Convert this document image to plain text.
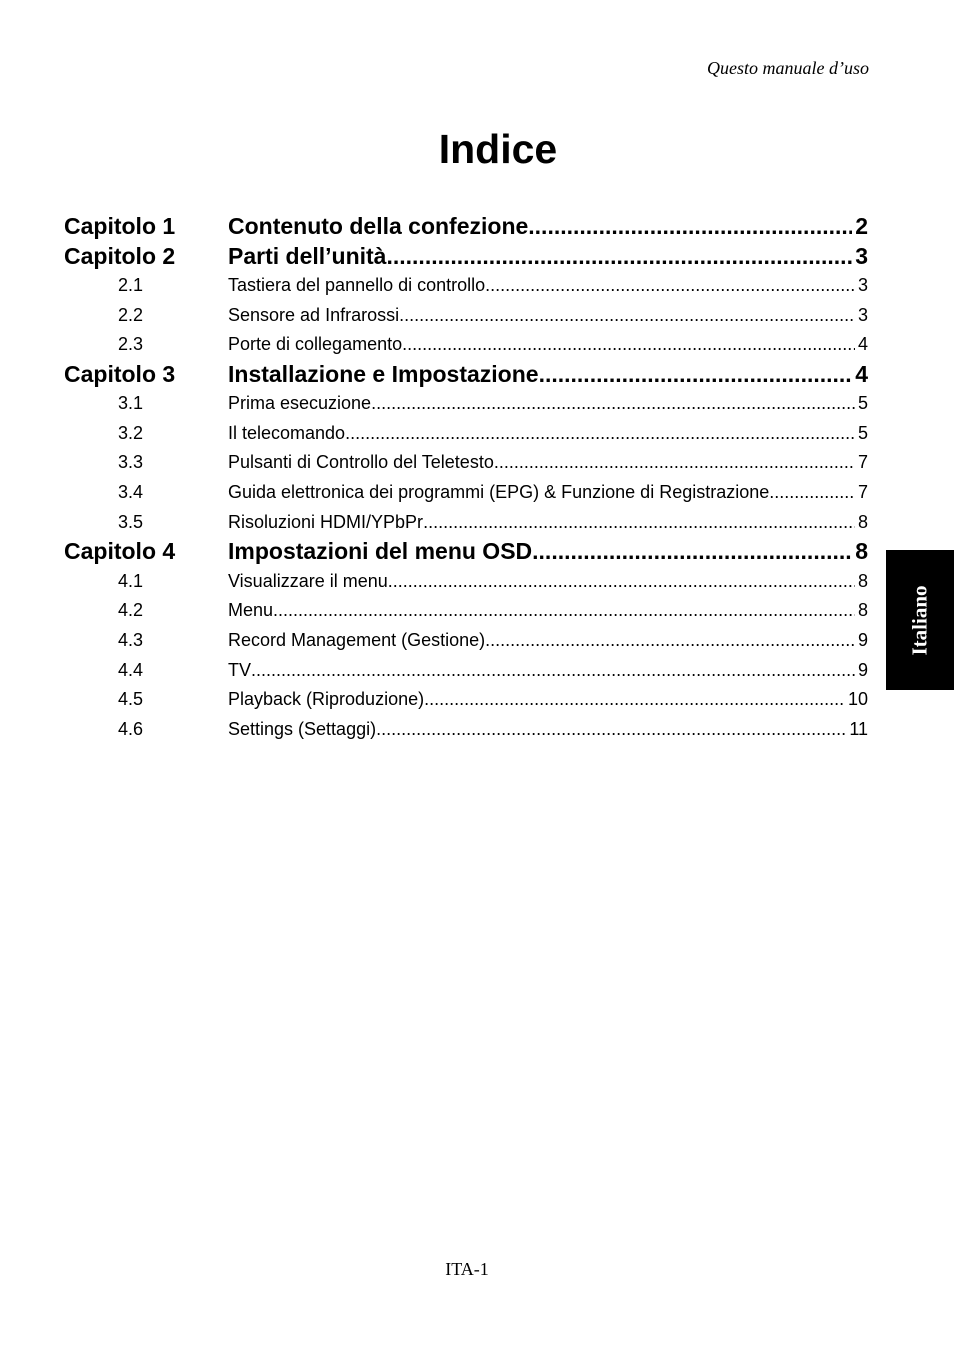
Questo manuale d’uso
Indice
Capitolo 1	Contenuto della confezione .....	2
Capitolo 2	Parti dell’unità .....	3
2.1	Tastiera del pannello di controllo .....	3
2.2	Sensore ad Infrarossi .....	3
2.3	Porte di collegamento .....	4
Capitolo 3	Installazione e Impostazione .....	4
3.1	Prima esecuzione .....	5
3.2	Il telecomando .....	5
3.3	Pulsanti di Controllo del Teletesto .....	7
3.4	Guida elettronica dei programmi (EPG) & Funzione di Registrazione .....	7
3.5	Risoluzioni HDMI/YPbPr .....	8
Capitolo 4	Impostazioni del menu OSD .....	8
4.1	Visualizzare il menu .....	8
4.2	Menu .....	8
4.3	Record Management (Gestione) .....	9
4.4	TV .....	9
4.5	Playback (Riproduzione) .....	10
4.6	Settings (Settaggi) .....	11
Italiano
ITA-1
